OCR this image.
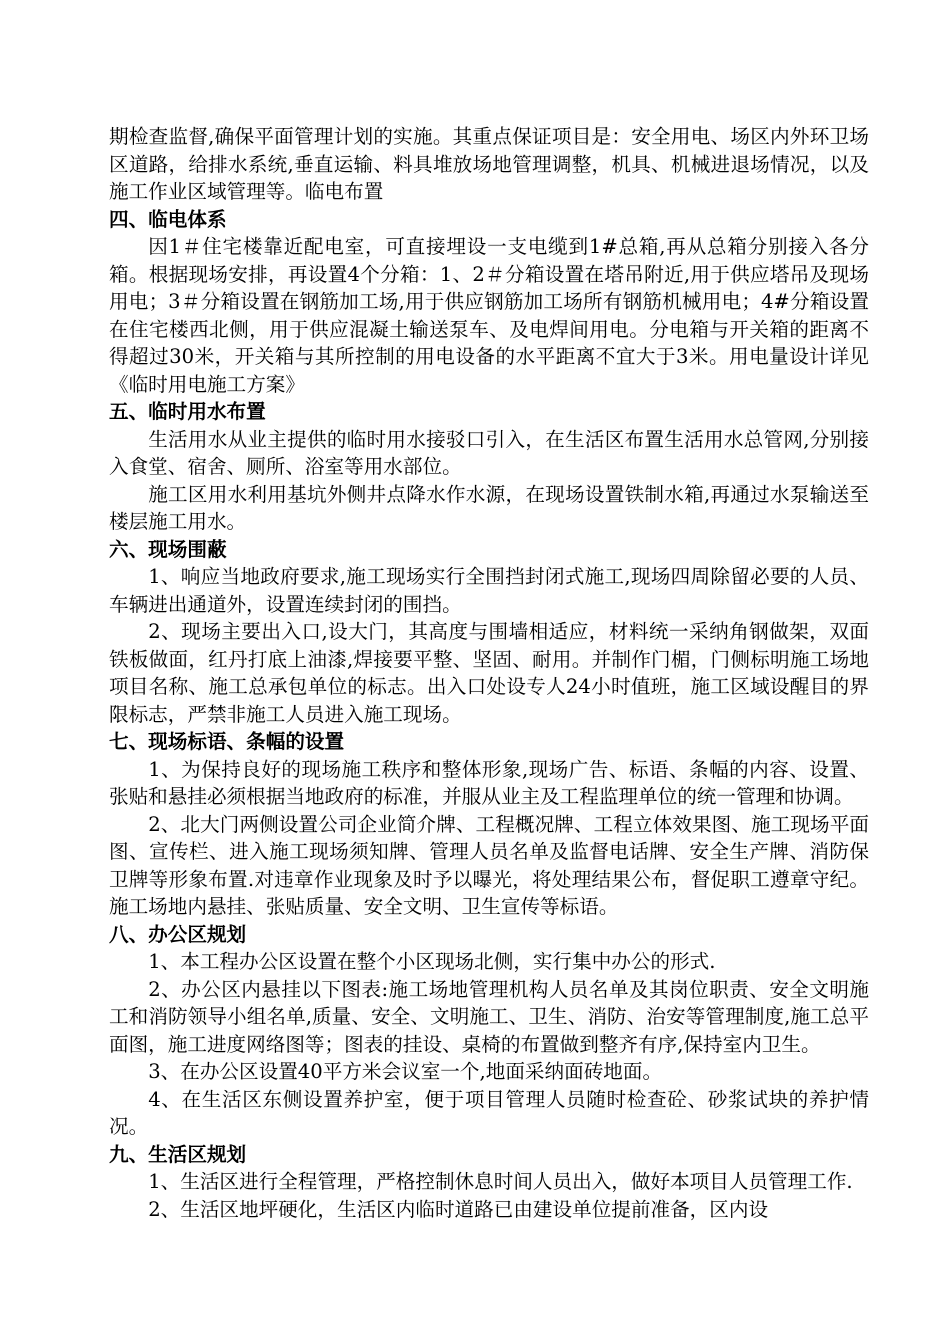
期检查监督,确保平面管理计划的实施。其重点保证项目是：安全用电、场区内外环卫场区道路，给排水系统,垂直运输、料具堆放场地管理调整，机具、机械进退场情况，以及施工作业区域管理等。临电布置

四、临电体系

因1＃住宅楼靠近配电室，可直接埋设一支电缆到1#总箱,再从总箱分别接入各分箱。根据现场安排，再设置4个分箱：1、2＃分箱设置在塔吊附近,用于供应塔吊及现场用电；3＃分箱设置在钢筋加工场,用于供应钢筋加工场所有钢筋机械用电；4#分箱设置在住宅楼西北侧，用于供应混凝土输送泵车、及电焊间用电。分电箱与开关箱的距离不得超过30米，开关箱与其所控制的用电设备的水平距离不宜大于3米。用电量设计详见《临时用电施工方案》

五、临时用水布置

生活用水从业主提供的临时用水接驳口引入，在生活区布置生活用水总管网,分别接入食堂、宿舍、厕所、浴室等用水部位。

施工区用水利用基坑外侧井点降水作水源，在现场设置铁制水箱,再通过水泵输送至楼层施工用水。

六、现场围蔽

1、响应当地政府要求,施工现场实行全围挡封闭式施工,现场四周除留必要的人员、车辆进出通道外，设置连续封闭的围挡。

2、现场主要出入口,设大门，其高度与围墙相适应，材料统一采纳角钢做架，双面铁板做面，红丹打底上油漆,焊接要平整、坚固、耐用。并制作门楣，门侧标明施工场地项目名称、施工总承包单位的标志。出入口处设专人24小时值班，施工区域设醒目的界限标志，严禁非施工人员进入施工现场。

七、现场标语、条幅的设置

1、为保持良好的现场施工秩序和整体形象,现场广告、标语、条幅的内容、设置、张贴和悬挂必须根据当地政府的标准，并服从业主及工程监理单位的统一管理和协调。

2、北大门两侧设置公司企业简介牌、工程概况牌、工程立体效果图、施工现场平面图、宣传栏、进入施工现场须知牌、管理人员名单及监督电话牌、安全生产牌、消防保卫牌等形象布置.对违章作业现象及时予以曝光，将处理结果公布，督促职工遵章守纪。施工场地内悬挂、张贴质量、安全文明、卫生宣传等标语。

八、办公区规划

1、本工程办公区设置在整个小区现场北侧，实行集中办公的形式.

2、办公区内悬挂以下图表:施工场地管理机构人员名单及其岗位职责、安全文明施工和消防领导小组名单,质量、安全、文明施工、卫生、消防、治安等管理制度,施工总平面图，施工进度网络图等；图表的挂设、桌椅的布置做到整齐有序,保持室内卫生。

3、在办公区设置40平方米会议室一个,地面采纳面砖地面。

4、在生活区东侧设置养护室，便于项目管理人员随时检查砼、砂浆试块的养护情况。

九、生活区规划

1、生活区进行全程管理，严格控制休息时间人员出入，做好本项目人员管理工作.

2、生活区地坪硬化，生活区内临时道路已由建设单位提前准备，区内设
